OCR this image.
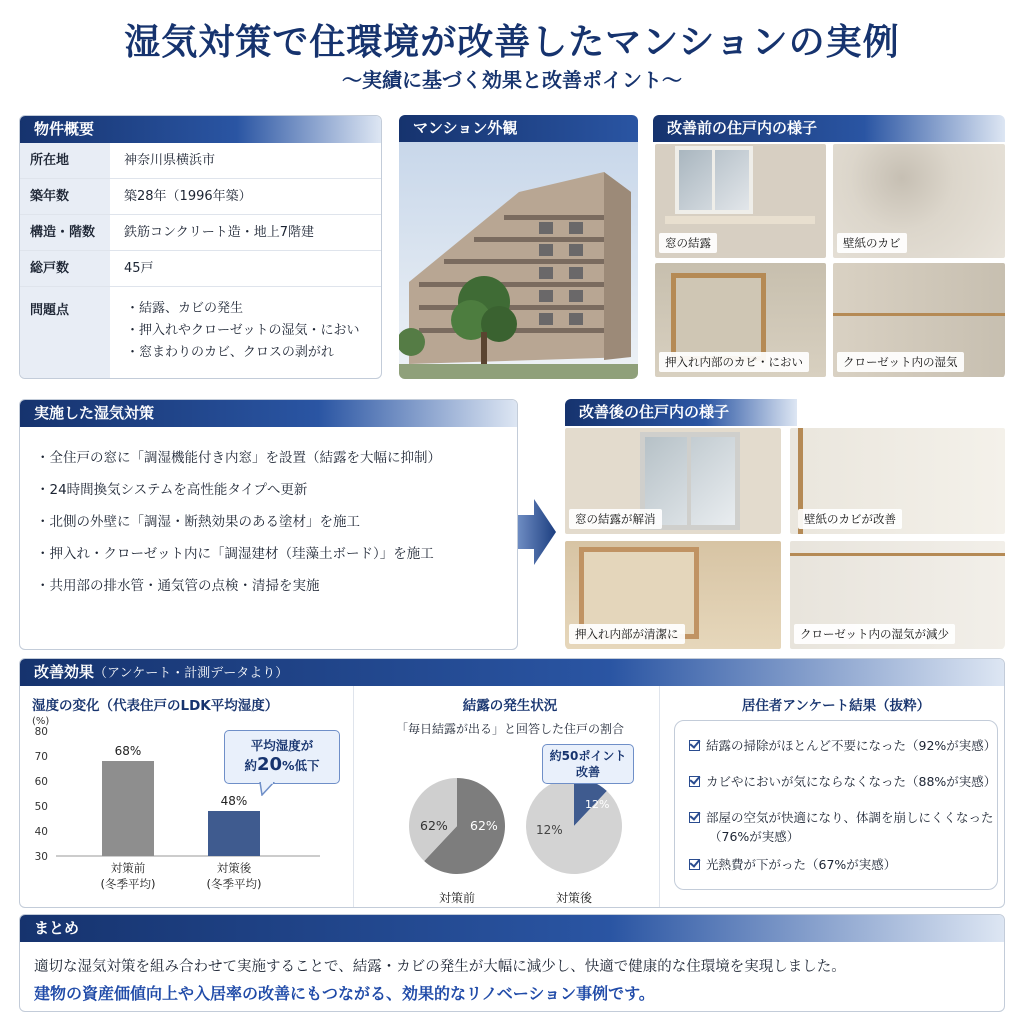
湿気対策で住環境が改善したマンションの実例
〜実績に基づく効果と改善ポイント〜
物件概要
所在地	神奈川県横浜市
築年数	築28年（1996年築）
構造・階数	鉄筋コンクリート造・地上7階建
総戸数	45戸
問題点	・結露、カビの発生
・押入れやクローゼットの湿気・におい
・窓まわりのカビ、クロスの剥がれ
マンション外観	改善前の住戸内の様子
窓の結露	壁紙のカビ
押入れ内部のカビ・におい	クローゼット内の湿気
実施した湿気対策
・全住戸の窓に「調湿機能付き内窓」を設置（結露を大幅に抑制）
・24時間換気システムを高性能タイプへ更新
・北側の外壁に「調湿・断熱効果のある塗材」を施工
・押入れ・クローゼット内に「調湿建材（珪藻土ボード）」を施工
・共用部の排水管・通気管の点検・清掃を実施
改善後の住戸内の様子
窓の結露が解消	壁紙のカビが改善
押入れ内部が清潔に	クローゼット内の湿気が減少
改善効果（アンケート・計測データより）
湿度の変化（代表住戸のLDK平均湿度）
(%)
80
70
60
50
40
30
68%
対策前
(冬季平均)
48%
対策後
(冬季平均)
平均湿度が
約20%低下
結露の発生状況
「毎日結露が出る」と回答した住戸の割合
対策前	対策後
62% 62%
12%
12%
約50ポイント
改善
居住者アンケート結果（抜粋）
結露の掃除がほとんど不要になった（92%が実感）
カビやにおいが気にならなくなった（88%が実感）
部屋の空気が快適になり、体調を崩しにくくなった
（76%が実感）
光熱費が下がった（67%が実感）
まとめ
適切な湿気対策を組み合わせて実施することで、結露・カビの発生が大幅に減少し、快適で健康的な住環境を実現しました。
建物の資産価値向上や入居率の改善にもつながる、効果的なリノベーション事例です。
